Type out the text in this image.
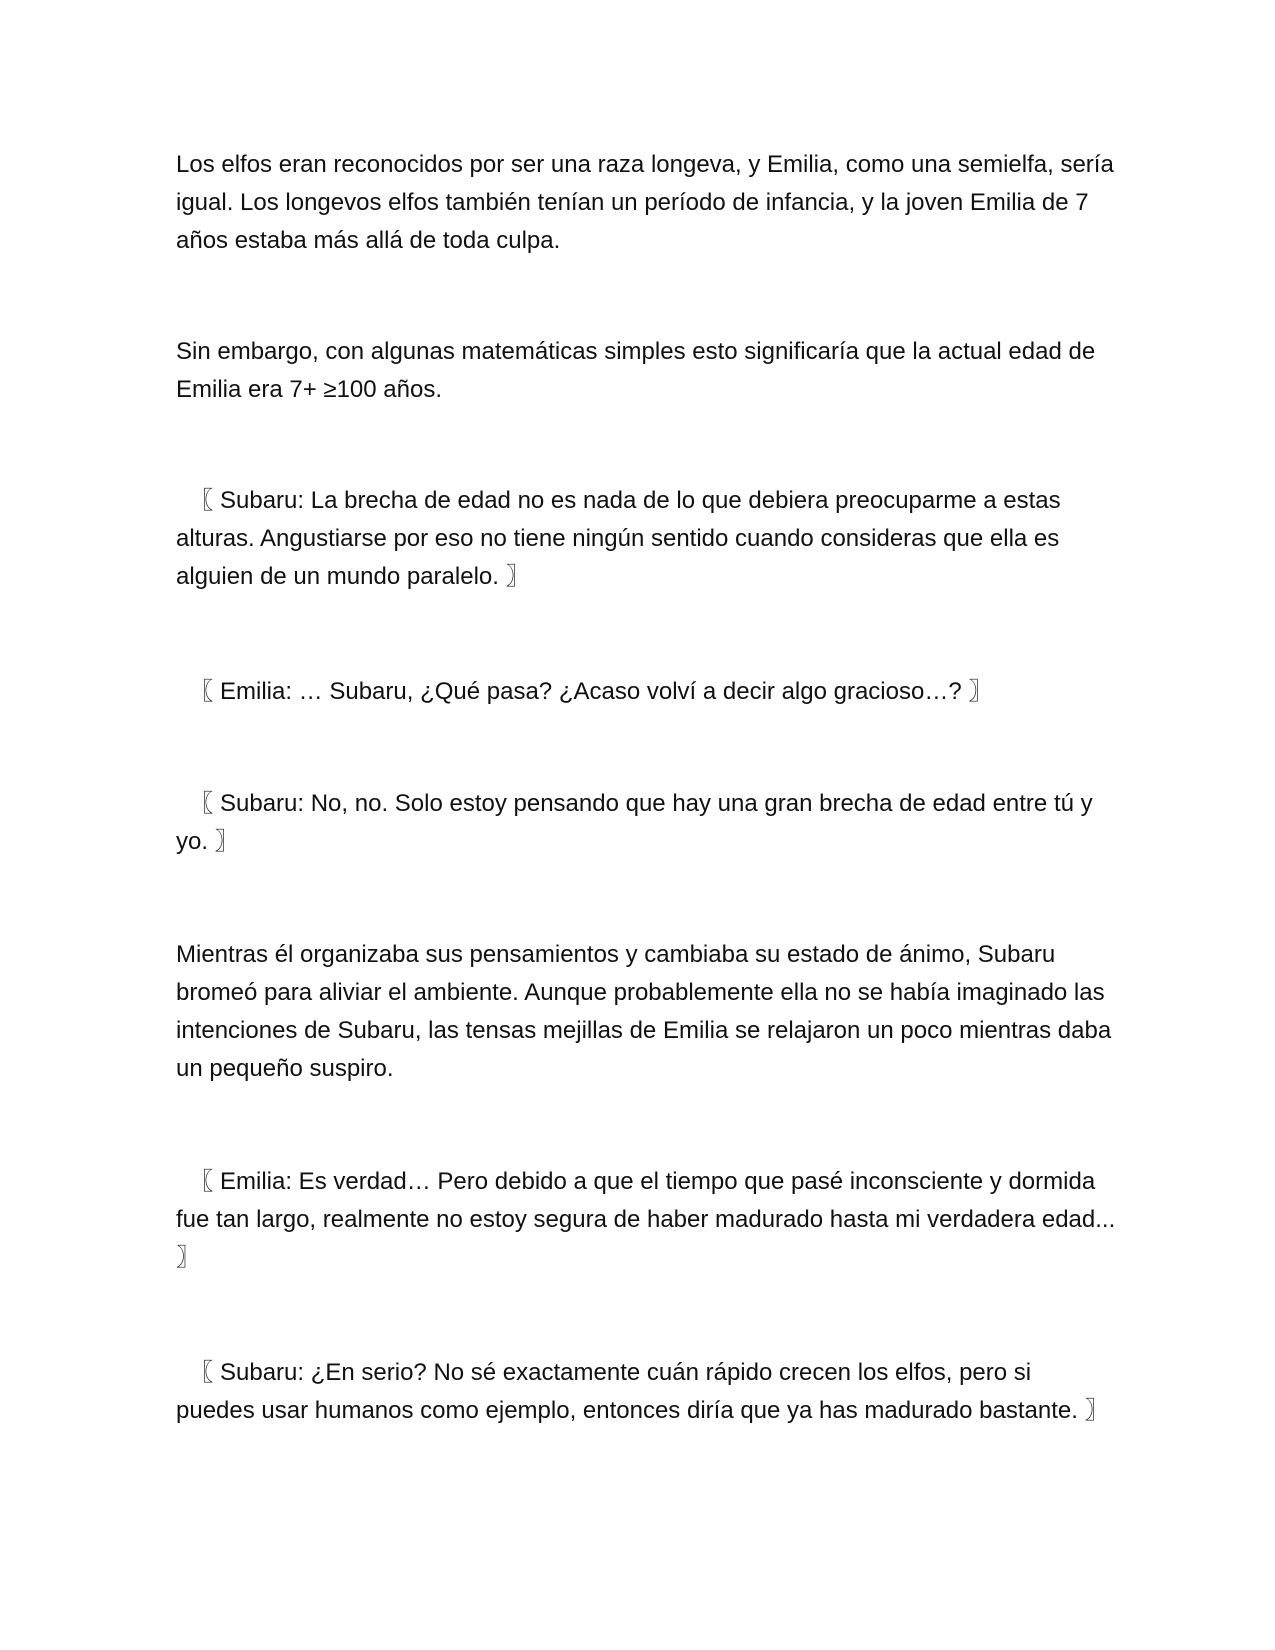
Los elfos eran reconocidos por ser una raza longeva, y Emilia, como una semielfa, sería igual. Los longevos elfos también tenían un período de infancia, y la joven Emilia de 7 años estaba más allá de toda culpa.

Sin embargo, con algunas matemáticas simples esto significaría que la actual edad de Emilia era 7+ ≥100 años.

〖 Subaru: La brecha de edad no es nada de lo que debiera preocuparme a estas alturas. Angustiarse por eso no tiene ningún sentido cuando consideras que ella es alguien de un mundo paralelo. 〗

〖 Emilia: … Subaru, ¿Qué pasa? ¿Acaso volví a decir algo gracioso…? 〗

〖 Subaru: No, no. Solo estoy pensando que hay una gran brecha de edad entre tú y yo. 〗

Mientras él organizaba sus pensamientos y cambiaba su estado de ánimo, Subaru bromeó para aliviar el ambiente. Aunque probablemente ella no se había imaginado las intenciones de Subaru, las tensas mejillas de Emilia se relajaron un poco mientras daba un pequeño suspiro.

〖 Emilia: Es verdad… Pero debido a que el tiempo que pasé inconsciente y dormida fue tan largo, realmente no estoy segura de haber madurado hasta mi verdadera edad... 〗

〖 Subaru: ¿En serio? No sé exactamente cuán rápido crecen los elfos, pero si puedes usar humanos como ejemplo, entonces diría que ya has madurado bastante. 〗
